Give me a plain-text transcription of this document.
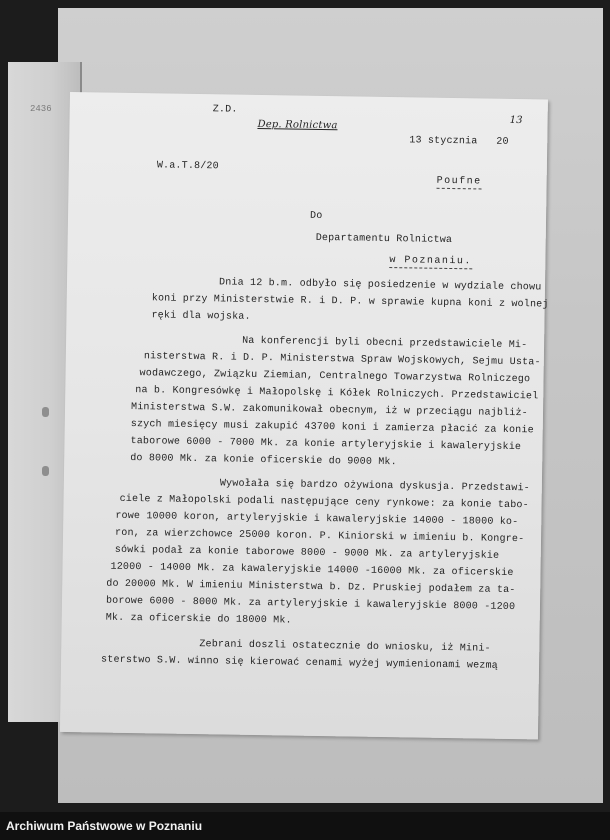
2436	Z.D.
Dep. Rolnictwa
13 stycznia 20
13
W.a.T.8/20
Poufne
Do
Departamentu Rolnictwa
w Poznaniu.
Dnia 12 b.m. odbyło się posiedzenie w wydziale chowu
koni przy Ministerstwie R. i D. P. w sprawie kupna koni z wolnej
ręki dla wojska.
Na konferencji byli obecni przedstawiciele Mi-
nisterstwa R. i D. P. Ministerstwa Spraw Wojskowych, Sejmu Usta-
wodawczego, Związku Ziemian, Centralnego Towarzystwa Rolniczego
na b. Kongresówkę i Małopolskę i Kółek Rolniczych. Przedstawiciel
Ministerstwa S.W. zakomunikował obecnym, iż w przeciągu najbliż-
szych miesięcy musi zakupić 43700 koni i zamierza płacić za konie
taborowe 6000 - 7000 Mk. za konie artyleryjskie i kawaleryjskie
do 8000 Mk. za konie oficerskie do 9000 Mk.
Wywołała się bardzo ożywiona dyskusja. Przedstawi-
ciele z Małopolski podali następujące ceny rynkowe: za konie tabo-
rowe 10000 koron, artyleryjskie i kawaleryjskie 14000 - 18000 ko-
ron, za wierzchowce 25000 koron. P. Kiniorski w imieniu b. Kongre-
sówki podał za konie taborowe 8000 - 9000 Mk. za artyleryjskie
12000 - 14000 Mk. za kawaleryjskie 14000 -16000 Mk. za oficerskie
do 20000 Mk. W imieniu Ministerstwa b. Dz. Pruskiej podałem za ta-
borowe 6000 - 8000 Mk. za artyleryjskie i kawaleryjskie 8000 -1200
Mk. za oficerskie do 18000 Mk.
Zebrani doszli ostatecznie do wniosku, iż Mini-
sterstwo S.W. winno się kierować cenami wyżej wymienionami wezmą
Archiwum Państwowe w Poznaniu
